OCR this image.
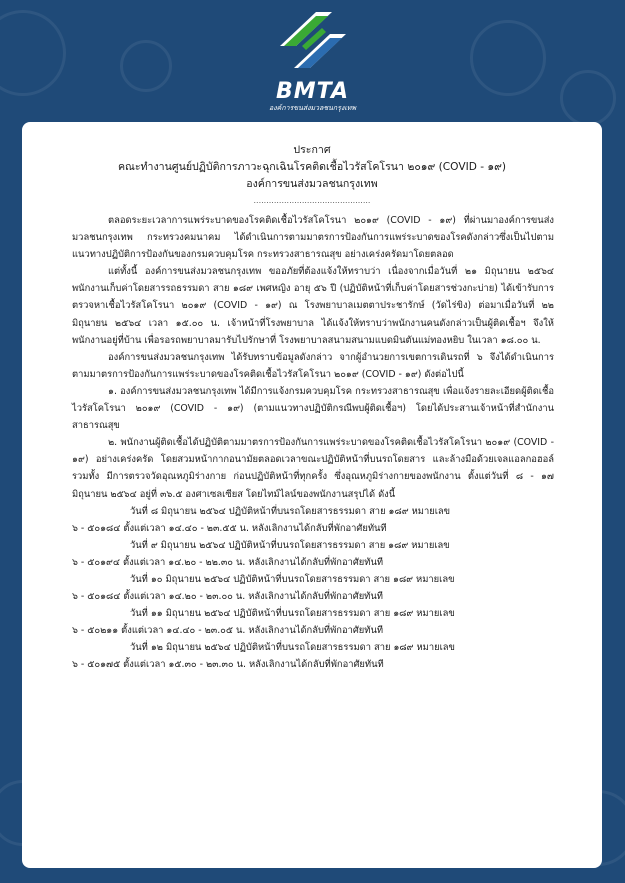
BMTA
องค์การขนส่งมวลชนกรุงเทพ
ประกาศ
คณะทำงานศูนย์ปฏิบัติการภาวะฉุกเฉินโรคติดเชื้อไวรัสโคโรนา ๒๐๑๙ (COVID - ๑๙)
องค์การขนส่งมวลชนกรุงเทพ
..............................................

ตลอดระยะเวลาการแพร่ระบาดของโรคติดเชื้อไวรัสโคโรนา ๒๐๑๙ (COVID - ๑๙) ที่ผ่านมาองค์การขนส่งมวลชนกรุงเทพ กระทรวงคมนาคม ได้ดำเนินการตามมาตรการป้องกันการแพร่ระบาดของโรคดังกล่าวซึ่งเป็นไปตามแนวทางปฏิบัติการป้องกันของกรมควบคุมโรค กระทรวงสาธารณสุข อย่างเคร่งครัดมาโดยตลอด

แต่ทั้งนี้ องค์การขนส่งมวลชนกรุงเทพ ขออภัยที่ต้องแจ้งให้ทราบว่า เนื่องจากเมื่อวันที่ ๒๑ มิถุนายน ๒๕๖๔ พนักงานเก็บค่าโดยสารรถธรรมดา สาย ๑๘๙ เพศหญิง อายุ ๕๖ ปี (ปฏิบัติหน้าที่เก็บค่าโดยสารช่วงกะบ่าย) ได้เข้ารับการตรวจหาเชื้อไวรัสโคโรนา ๒๐๑๙ (COVID - ๑๙) ณ โรงพยาบาลเมตตาประชารักษ์ (วัดไร่ขิง) ต่อมาเมื่อวันที่ ๒๒ มิถุนายน ๒๕๖๔ เวลา ๑๕.๐๐ น. เจ้าหน้าที่โรงพยาบาล ได้แจ้งให้ทราบว่าพนักงานคนดังกล่าวเป็นผู้ติดเชื้อฯ จึงให้พนักงานอยู่ที่บ้าน เพื่อรอรถพยาบาลมารับไปรักษาที่ โรงพยาบาลสนามสนามแบดมินตันแม่ทองหยิบ ในเวลา ๑๘.๐๐ น.

องค์การขนส่งมวลชนกรุงเทพ ได้รับทราบข้อมูลดังกล่าว จากผู้อำนวยการเขตการเดินรถที่ ๖ จึงได้ดำเนินการตามมาตรการป้องกันการแพร่ระบาดของโรคติดเชื้อไวรัสโคโรนา ๒๐๑๙ (COVID - ๑๙) ดังต่อไปนี้

๑. องค์การขนส่งมวลชนกรุงเทพ ได้มีการแจ้งกรมควบคุมโรค กระทรวงสาธารณสุข เพื่อแจ้งรายละเอียดผู้ติดเชื้อไวรัสโคโรนา ๒๐๑๙ (COVID - ๑๙) (ตามแนวทางปฏิบัติกรณีพบผู้ติดเชื้อฯ) โดยได้ประสานเจ้าหน้าที่สำนักงานสาธารณสุข

๒. พนักงานผู้ติดเชื้อได้ปฏิบัติตามมาตรการป้องกันการแพร่ระบาดของโรคติดเชื้อไวรัสโคโรนา ๒๐๑๙ (COVID - ๑๙) อย่างเคร่งครัด โดยสวมหน้ากากอนามัยตลอดเวลาขณะปฏิบัติหน้าที่บนรถโดยสาร และล้างมือด้วยเจลแอลกอฮอล์ รวมทั้ง มีการตรวจวัดอุณหภูมิร่างกาย ก่อนปฏิบัติหน้าที่ทุกครั้ง ซึ่งอุณหภูมิร่างกายของพนักงาน ตั้งแต่วันที่ ๘ - ๑๗ มิถุนายน ๒๕๖๔ อยู่ที่ ๓๖.๕ องศาเซลเซียส โดยไทม์ไลน์ของพนักงานสรุปได้ ดังนี้

วันที่ ๘ มิถุนายน ๒๕๖๔ ปฏิบัติหน้าที่บนรถโดยสารธรรมดา สาย ๑๘๙ หมายเลข
๖ - ๕๐๑๘๔ ตั้งแต่เวลา ๑๔.๔๐ - ๒๓.๕๕ น. หลังเลิกงานได้กลับที่พักอาศัยทันที
วันที่ ๙ มิถุนายน ๒๕๖๔ ปฏิบัติหน้าที่บนรถโดยสารธรรมดา สาย ๑๘๙ หมายเลข
๖ - ๕๐๑๙๔ ตั้งแต่เวลา ๑๔.๒๐ - ๒๒.๓๐ น. หลังเลิกงานได้กลับที่พักอาศัยทันที
วันที่ ๑๐ มิถุนายน ๒๕๖๔ ปฏิบัติหน้าที่บนรถโดยสารธรรมดา สาย ๑๘๙ หมายเลข
๖ - ๕๐๑๘๔ ตั้งแต่เวลา ๑๔.๒๐ - ๒๓.๐๐ น. หลังเลิกงานได้กลับที่พักอาศัยทันที
วันที่ ๑๑ มิถุนายน ๒๕๖๔ ปฏิบัติหน้าที่บนรถโดยสารธรรมดา สาย ๑๘๙ หมายเลข
๖ - ๕๐๒๑๑ ตั้งแต่เวลา ๑๔.๔๐ - ๒๓.๐๕ น. หลังเลิกงานได้กลับที่พักอาศัยทันที
วันที่ ๑๒ มิถุนายน ๒๕๖๔ ปฏิบัติหน้าที่บนรถโดยสารธรรมดา สาย ๑๘๙ หมายเลข
๖ - ๕๐๑๗๕ ตั้งแต่เวลา ๑๕.๓๐ - ๒๓.๓๐ น. หลังเลิกงานได้กลับที่พักอาศัยทันที
